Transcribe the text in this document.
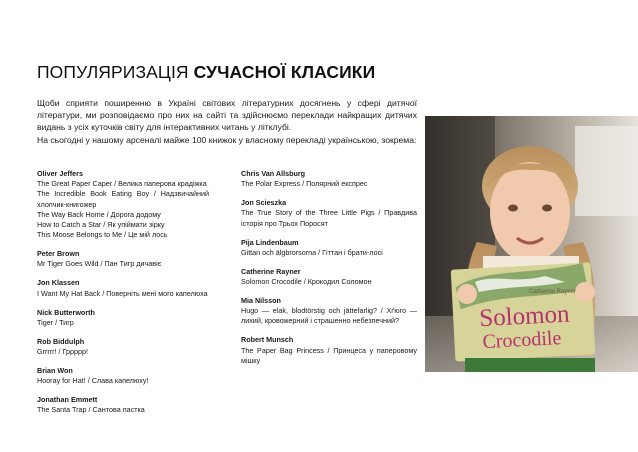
ПОПУЛЯРИЗАЦІЯ СУЧАСНОЇ КЛАСИКИ

Щоби сприяти поширенню в Україні світових літературних досягнень у сфері дитячої літератури, ми розповідаємо про них на сайті та здійснюємо переклади найкращих дитячих видань з усіх куточків світу для інтерактивних читань у літклубі.

На сьогодні у нашому арсеналі майже 100 книжок у власному перекладі українською, зокрема:

Oliver Jeffers
The Great Paper Caper / Велика паперова крадіжка
The Incredible Book Eating Boy / Надзвичайний хлопчик-книгожер
The Way Back Home / Дорога додому
How to Catch a Star / Як упіймати зірку
This Moose Belongs to Me / Це мій лось
Peter Brown
Mr Tiger Goes Wild / Пан Тигр дичавіє
Jon Klassen
I Want My Hat Back / Поверніть мені мого капелюха
Nick Butterworth
Tiger / Тигр
Rob Biddulph
Grrrrr! / Гррррр!
Brian Won
Hooray for Hat! / Слава капелюху!
Jonathan Emmett
The Santa Trap / Сантова пастка
Chris Van Allsburg
The Polar Express / Полярний експрес
Jon Scieszka
The True Story of the Three Little Pigs / Правдива історія про Трьох Поросят
Pija Lindenbaum
Gittan och älgbrorsorna / Гіттан і брати-лосі
Catherine Rayner
Solomon Crocodile / Крокодил Соломон
Mia Nilsson
Hugo — elak, blodtörstig och jättefarlig? / Хґюго — лихий, кровожерний і страшенно небезпечний?
Robert Munsch
The Paper Bag Princess / Принцеса у паперовому мішку
Catherine Rayner
Solomon
Crocodile
